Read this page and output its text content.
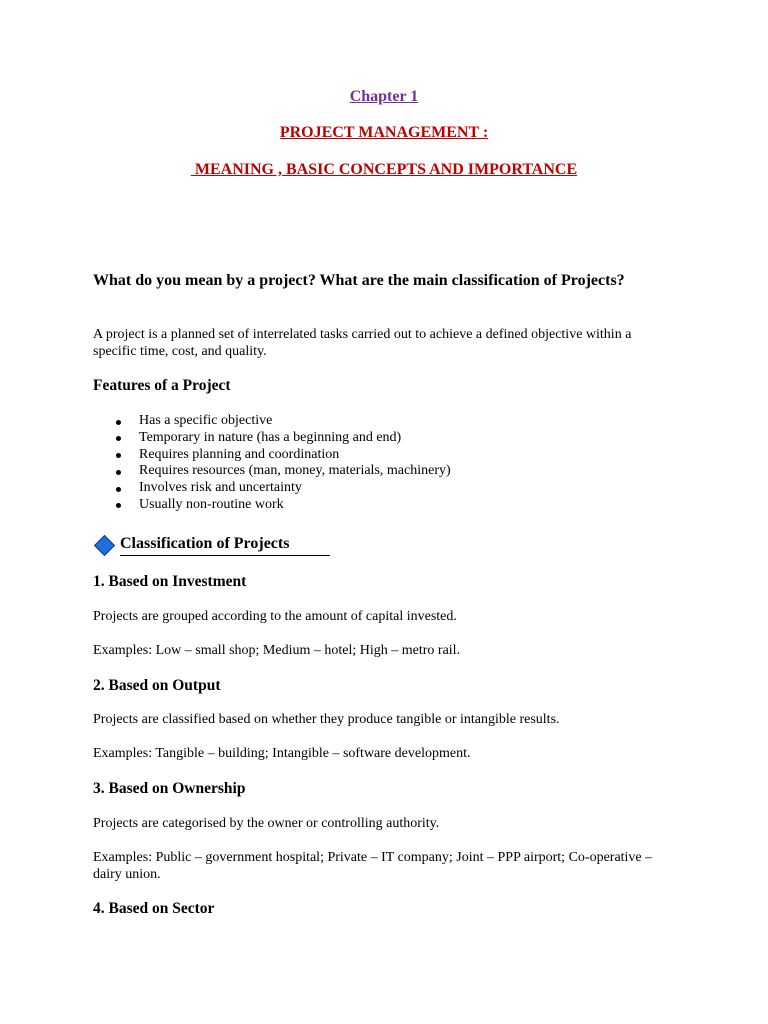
Chapter 1
PROJECT MANAGEMENT :
MEANING , BASIC CONCEPTS AND IMPORTANCE
What do you mean by a project? What are the main classification of Projects?
A project is a planned set of interrelated tasks carried out to achieve a defined objective within a specific time, cost, and quality.
Features of a Project
Has a specific objective
Temporary in nature (has a beginning and end)
Requires planning and coordination
Requires resources (man, money, materials, machinery)
Involves risk and uncertainty
Usually non-routine work
Classification of Projects
1. Based on Investment
Projects are grouped according to the amount of capital invested.
Examples: Low – small shop; Medium – hotel; High – metro rail.
2. Based on Output
Projects are classified based on whether they produce tangible or intangible results.
Examples: Tangible – building; Intangible – software development.
3. Based on Ownership
Projects are categorised by the owner or controlling authority.
Examples: Public – government hospital; Private – IT company; Joint – PPP airport; Co-operative – dairy union.
4. Based on Sector
